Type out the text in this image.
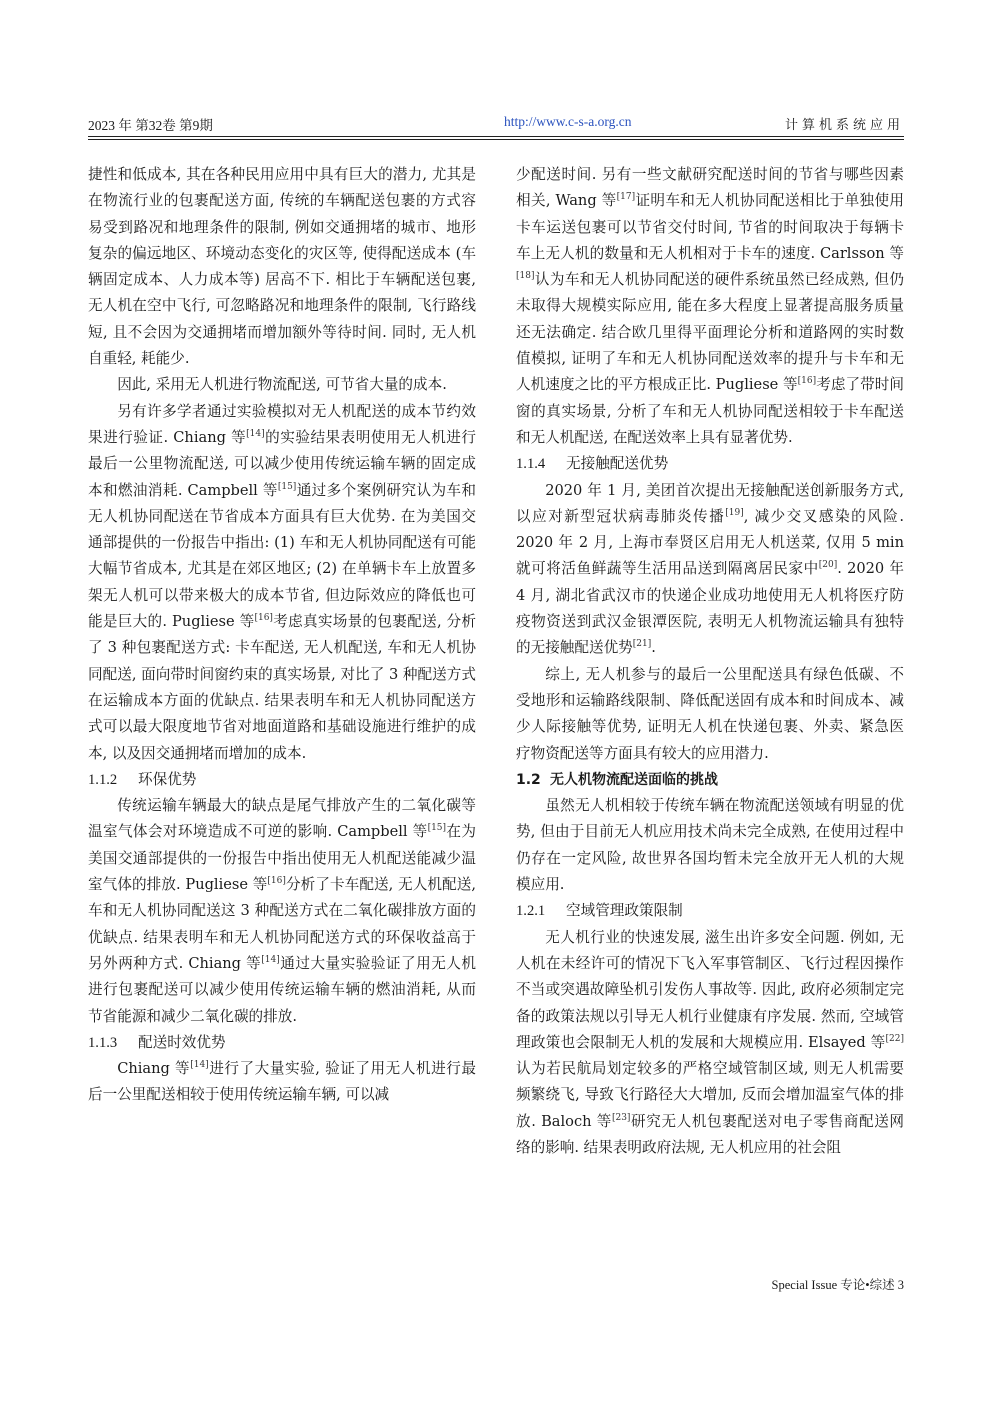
2023 年 第32卷 第9期	http://www.c-s-a.org.cn	计算机系统应用

捷性和低成本, 其在各种民用应用中具有巨大的潜力, 尤其是在物流行业的包裹配送方面, 传统的车辆配送包裹的方式容易受到路况和地理条件的限制, 例如交通拥堵的城市、地形复杂的偏远地区、环境动态变化的灾区等, 使得配送成本 (车辆固定成本、人力成本等) 居高不下. 相比于车辆配送包裹, 无人机在空中飞行, 可忽略路况和地理条件的限制, 飞行路线短, 且不会因为交通拥堵而增加额外等待时间. 同时, 无人机自重轻, 耗能少.

因此, 采用无人机进行物流配送, 可节省大量的成本.

另有许多学者通过实验模拟对无人机配送的成本节约效果进行验证. Chiang 等[14]的实验结果表明使用无人机进行最后一公里物流配送, 可以减少使用传统运输车辆的固定成本和燃油消耗. Campbell 等[15]通过多个案例研究认为车和无人机协同配送在节省成本方面具有巨大优势. 在为美国交通部提供的一份报告中指出: (1) 车和无人机协同配送有可能大幅节省成本, 尤其是在郊区地区; (2) 在单辆卡车上放置多架无人机可以带来极大的成本节省, 但边际效应的降低也可能是巨大的. Pugliese 等[16]考虑真实场景的包裹配送, 分析了 3 种包裹配送方式: 卡车配送, 无人机配送, 车和无人机协同配送, 面向带时间窗约束的真实场景, 对比了 3 种配送方式在运输成本方面的优缺点. 结果表明车和无人机协同配送方式可以最大限度地节省对地面道路和基础设施进行维护的成本, 以及因交通拥堵而增加的成本.

1.1.2 环保优势

传统运输车辆最大的缺点是尾气排放产生的二氧化碳等温室气体会对环境造成不可逆的影响. Campbell 等[15]在为美国交通部提供的一份报告中指出使用无人机配送能减少温室气体的排放. Pugliese 等[16]分析了卡车配送, 无人机配送, 车和无人机协同配送这 3 种配送方式在二氧化碳排放方面的优缺点. 结果表明车和无人机协同配送方式的环保收益高于另外两种方式. Chiang 等[14]通过大量实验验证了用无人机进行包裹配送可以减少使用传统运输车辆的燃油消耗, 从而节省能源和减少二氧化碳的排放.

1.1.3 配送时效优势

Chiang 等[14]进行了大量实验, 验证了用无人机进行最后一公里配送相较于使用传统运输车辆, 可以减

少配送时间. 另有一些文献研究配送时间的节省与哪些因素相关, Wang 等[17]证明车和无人机协同配送相比于单独使用卡车运送包裹可以节省交付时间, 节省的时间取决于每辆卡车上无人机的数量和无人机相对于卡车的速度. Carlsson 等[18]认为车和无人机协同配送的硬件系统虽然已经成熟, 但仍未取得大规模实际应用, 能在多大程度上显著提高服务质量还无法确定. 结合欧几里得平面理论分析和道路网的实时数值模拟, 证明了车和无人机协同配送效率的提升与卡车和无人机速度之比的平方根成正比. Pugliese 等[16]考虑了带时间窗的真实场景, 分析了车和无人机协同配送相较于卡车配送和无人机配送, 在配送效率上具有显著优势.

1.1.4 无接触配送优势

2020 年 1 月, 美团首次提出无接触配送创新服务方式, 以应对新型冠状病毒肺炎传播[19], 减少交叉感染的风险. 2020 年 2 月, 上海市奉贤区启用无人机送菜, 仅用 5 min 就可将活鱼鲜蔬等生活用品送到隔离居民家中[20]. 2020 年 4 月, 湖北省武汉市的快递企业成功地使用无人机将医疗防疫物资送到武汉金银潭医院, 表明无人机物流运输具有独特的无接触配送优势[21].

综上, 无人机参与的最后一公里配送具有绿色低碳、不受地形和运输路线限制、降低配送固有成本和时间成本、减少人际接触等优势, 证明无人机在快递包裹、外卖、紧急医疗物资配送等方面具有较大的应用潜力.

1.2 无人机物流配送面临的挑战

虽然无人机相较于传统车辆在物流配送领域有明显的优势, 但由于目前无人机应用技术尚未完全成熟, 在使用过程中仍存在一定风险, 故世界各国均暂未完全放开无人机的大规模应用.

1.2.1 空域管理政策限制

无人机行业的快速发展, 滋生出许多安全问题. 例如, 无人机在未经许可的情况下飞入军事管制区、飞行过程因操作不当或突遇故障坠机引发伤人事故等. 因此, 政府必须制定完备的政策法规以引导无人机行业健康有序发展. 然而, 空域管理政策也会限制无人机的发展和大规模应用. Elsayed 等[22]认为若民航局划定较多的严格空域管制区域, 则无人机需要频繁绕飞, 导致飞行路径大大增加, 反而会增加温室气体的排放. Baloch 等[23]研究无人机包裹配送对电子零售商配送网络的影响. 结果表明政府法规, 无人机应用的社会阻

Special Issue 专论•综述 3
